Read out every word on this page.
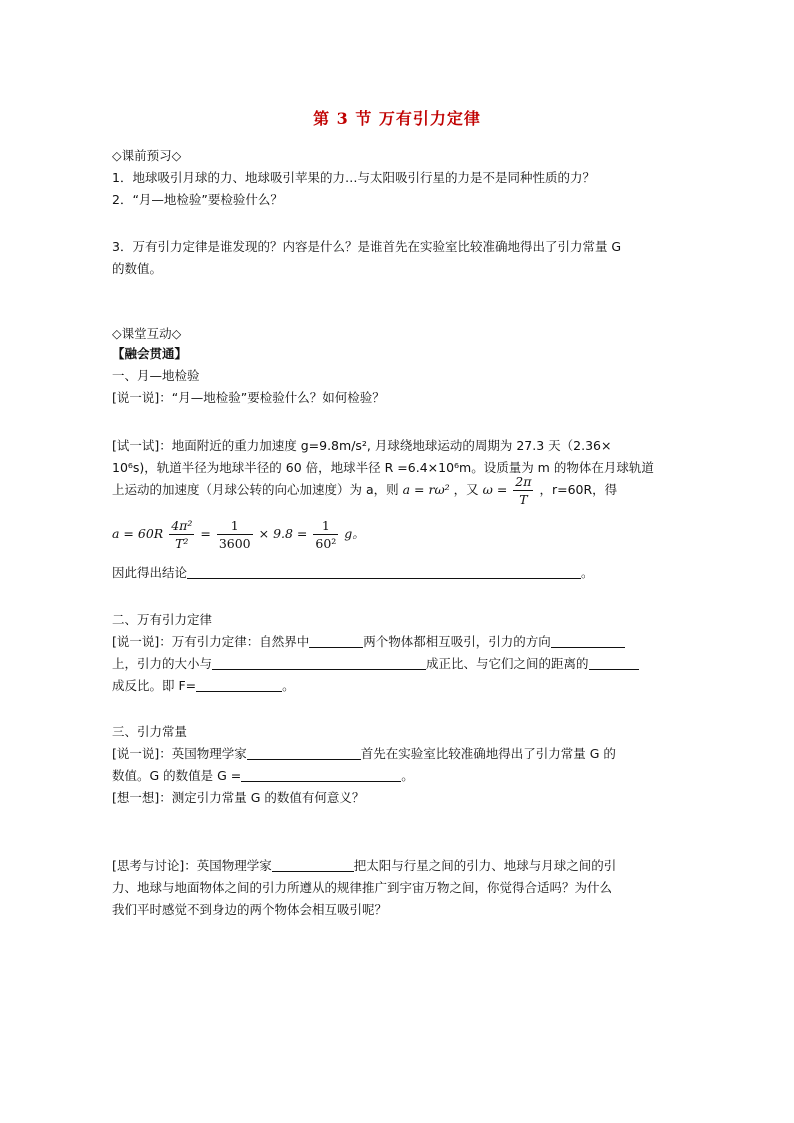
第 3 节 万有引力定律
◇课前预习◇
1．地球吸引月球的力、地球吸引苹果的力…与太阳吸引行星的力是不是同种性质的力？
2．“月—地检验”要检验什么？
3．万有引力定律是谁发现的？内容是什么？是谁首先在实验室比较准确地得出了引力常量 G
的数值。
◇课堂互动◇
【融会贯通】
一、月—地检验
[说一说]：“月—地检验”要检验什么？如何检验？
[试一试]：地面附近的重力加速度 g=9.8m/s², 月球绕地球运动的周期为 27.3 天（2.36×
10⁶s)，轨道半径为地球半径的 60 倍，地球半径 R =6.4×10⁶m。设质量为 m 的物体在月球轨道
上运动的加速度（月球公转的向心加速度）为 a，则 a = rω² ，又 $\omega = \frac{2\pi}{T}$ ，r=60R，得
$a = 60R \frac{\text{4π²}}{\text{T²}} = \frac{1}{3600} \times 9.8 = \frac{1}{\text{60²}}$ g。
因此得出结论	。
二、万有引力定律
[说一说]：万有引力定律：自然界中	两个物体都相互吸引，引力的方向
上，引力的大小与	成正比、与它们之间的距离的
成反比。即 F=	。
三、引力常量
[说一说]：英国物理学家	首先在实验室比较准确地得出了引力常量 G 的
数值。G 的数值是 G =	。
[想一想]：测定引力常量 G 的数值有何意义？
[思考与讨论]：英国物理学家	把太阳与行星之间的引力、地球与月球之间的引
力、地球与地面物体之间的引力所遵从的规律推广到宇宙万物之间，你觉得合适吗？为什么
我们平时感觉不到身边的两个物体会相互吸引呢？
